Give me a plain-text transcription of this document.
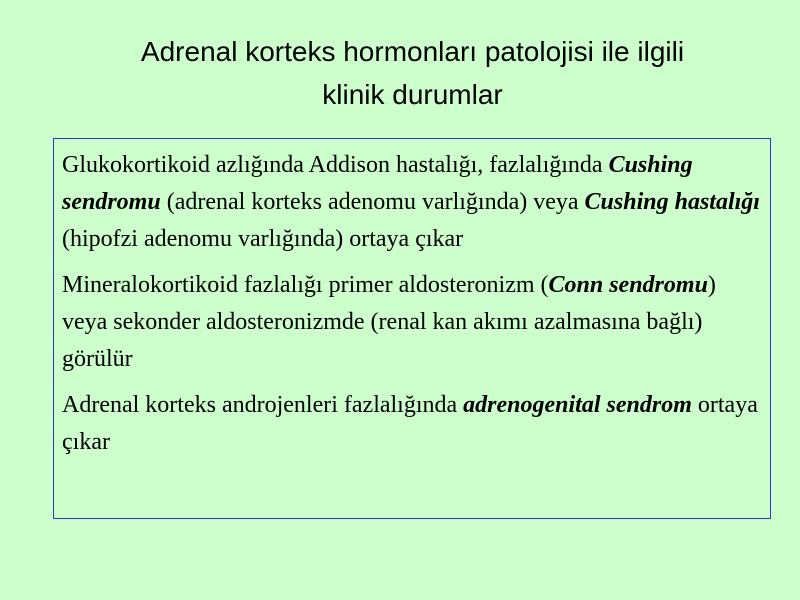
Adrenal korteks hormonları patolojisi ile ilgili
klinik durumlar

Glukokortikoid azlığında Addison hastalığı, fazlalığında Cushing sendromu (adrenal korteks adenomu varlığında) veya Cushing hastalığı (hipofzi adenomu varlığında) ortaya çıkar

Mineralokortikoid fazlalığı primer aldosteronizm (Conn sendromu) veya sekonder aldosteronizmde (renal kan akımı azalmasına bağlı) görülür

Adrenal korteks androjenleri fazlalığında adrenogenital sendrom ortaya çıkar
